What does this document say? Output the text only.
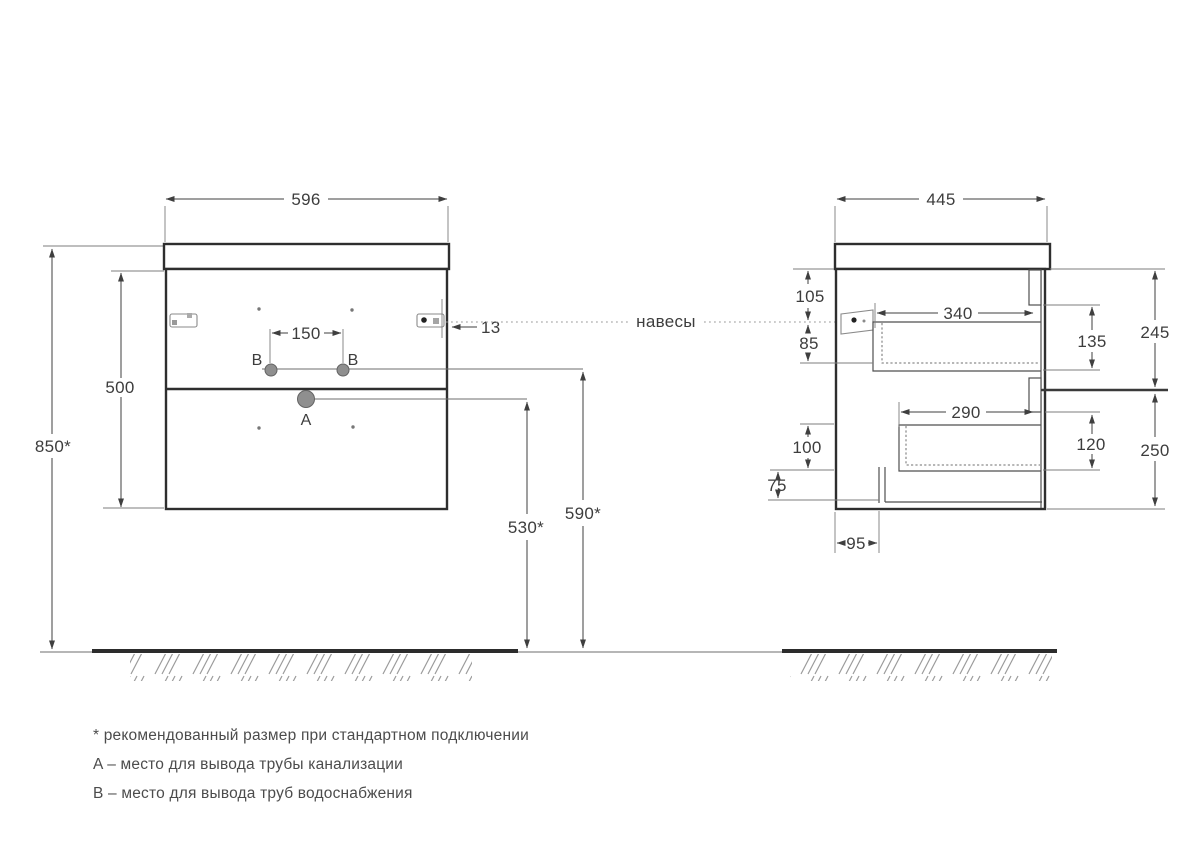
596
850*
500
13
150
B	B
A
530*
590*
навесы
445
105
85
340
135 245
290
120 250
100
75
95
* рекомендованный размер при стандартном подключении
A – место для вывода трубы канализации
B – место для вывода труб водоснабжения
